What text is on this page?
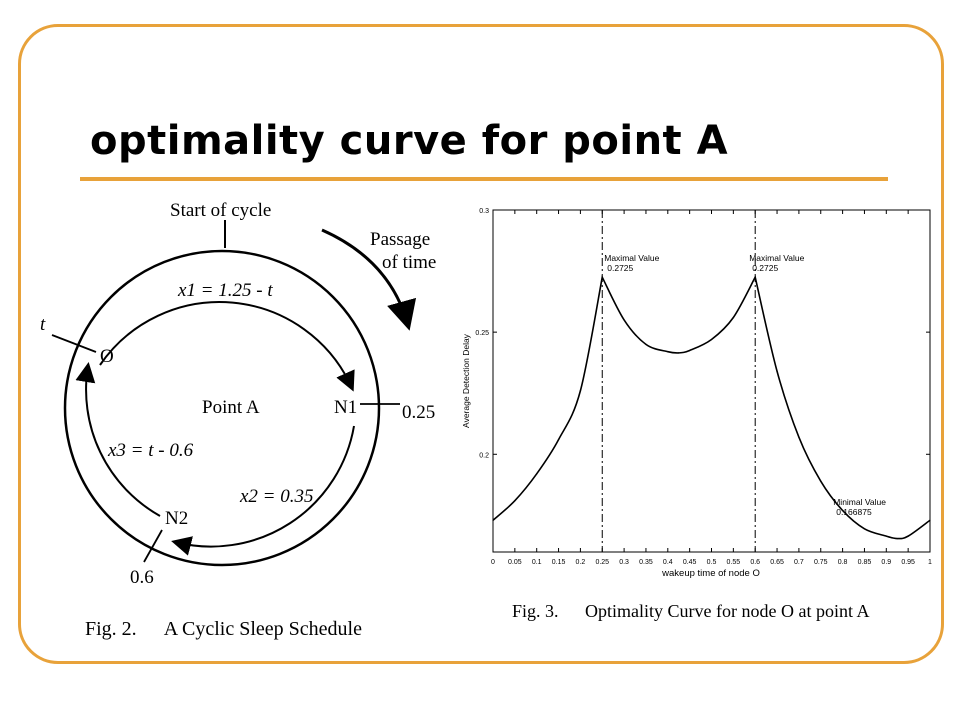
optimality curve for point A
Start of cycle
Passage
of time
x1 = 1.25 - t
x3 = t - 0.6
x2 = 0.35
Point A
O
t
N1 0.25
N2
0.6
Fig. 2. A Cyclic Sleep Schedule
0.2
0.25
0.3
0 0.05 0.1 0.15 0.2 0.25 0.3 0.35 0.4 0.45 0.5 0.55 0.6 0.65 0.7 0.75 0.8 0.85 0.9 0.95 1
Maximal Value
0.2725
Maximal Value
0.2725
Minimal Value
0.166875
wakeup time of node O
Average Detection Delay
Fig. 3. Optimality Curve for node O at point A
